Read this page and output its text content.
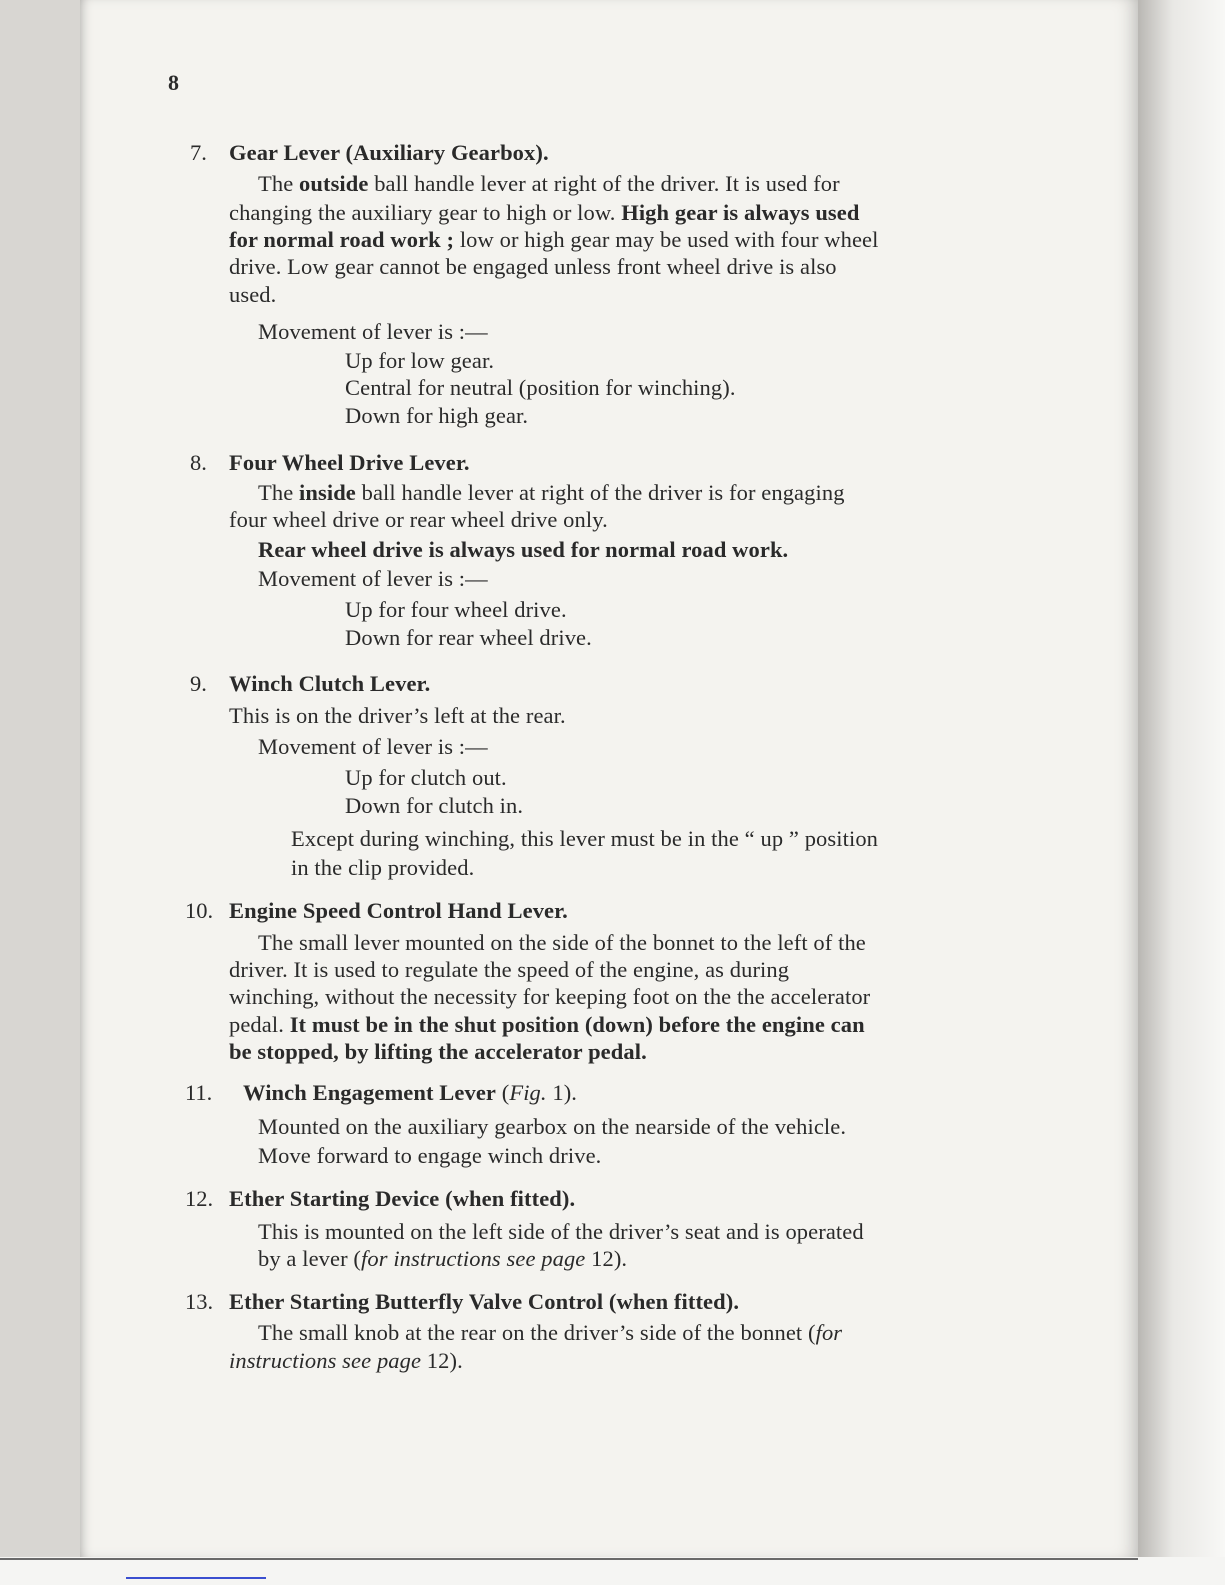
8
7. Gear Lever (Auxiliary Gearbox).
The outside ball handle lever at right of the driver. It is used for
changing the auxiliary gear to high or low. High gear is always used
for normal road work ; low or high gear may be used with four wheel
drive. Low gear cannot be engaged unless front wheel drive is also
used.
Movement of lever is :—
Up for low gear.
Central for neutral (position for winching).
Down for high gear.
8. Four Wheel Drive Lever.
The inside ball handle lever at right of the driver is for engaging
four wheel drive or rear wheel drive only.
Rear wheel drive is always used for normal road work.
Movement of lever is :—
Up for four wheel drive.
Down for rear wheel drive.
9. Winch Clutch Lever.
This is on the driver’s left at the rear.
Movement of lever is :—
Up for clutch out.
Down for clutch in.
Except during winching, this lever must be in the “ up ” position
in the clip provided.
10. Engine Speed Control Hand Lever.
The small lever mounted on the side of the bonnet to the left of the
driver. It is used to regulate the speed of the engine, as during
winching, without the necessity for keeping foot on the the accelerator
pedal. It must be in the shut position (down) before the engine can
be stopped, by lifting the accelerator pedal.
11. Winch Engagement Lever (Fig. 1).
Mounted on the auxiliary gearbox on the nearside of the vehicle.
Move forward to engage winch drive.
12. Ether Starting Device (when fitted).
This is mounted on the left side of the driver’s seat and is operated
by a lever (for instructions see page 12).
13. Ether Starting Butterfly Valve Control (when fitted).
The small knob at the rear on the driver’s side of the bonnet (for
instructions see page 12).
